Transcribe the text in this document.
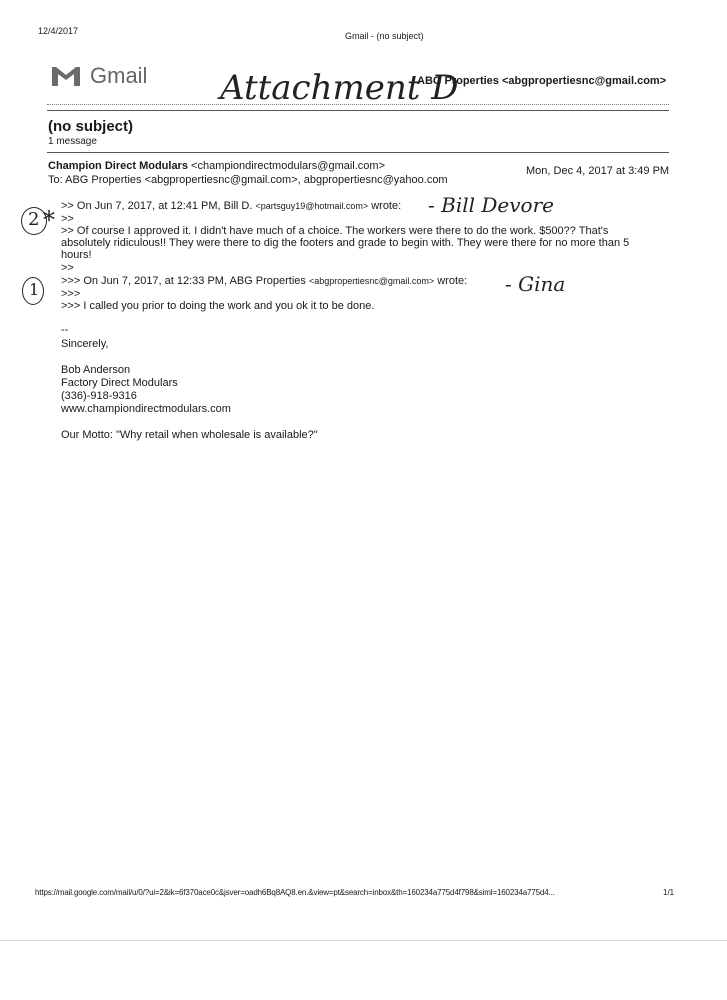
12/4/2017	Gmail - (no subject)
Gmail	ABG Properties <abgpropertiesnc@gmail.com>
Attachment D
(no subject)
1 message
Champion Direct Modulars <championdirectmodulars@gmail.com>	Mon, Dec 4, 2017 at 3:49 PM
To: ABG Properties <abgpropertiesnc@gmail.com>, abgpropertiesnc@yahoo.com
>> On Jun 7, 2017, at 12:41 PM, Bill D. <partsguy19@hotmail.com> wrote: - Bill Devore
>>
>> Of course I approved it. I didn't have much of a choice. The workers were there to do the work. $500?? That's
absolutely ridiculous!! They were there to dig the footers and grade to begin with. They were there for no more than 5
hours!
>>
>>> On Jun 7, 2017, at 12:33 PM, ABG Properties <abgpropertiesnc@gmail.com> wrote: - Gina
>>>
>>> I called you prior to doing the work and you ok it to be done.
2 *
1
--
Sincerely,
Bob Anderson
Factory Direct Modulars
(336)-918-9316
www.championdirectmodulars.com
Our Motto: "Why retail when wholesale is available?"
https://mail.google.com/mail/u/0/?ui=2&ik=6f370ace0c&jsver=oadh6Bq8AQ8.en.&view=pt&search=inbox&th=160234a775d4f798&siml=160234a775d4...	1/1
